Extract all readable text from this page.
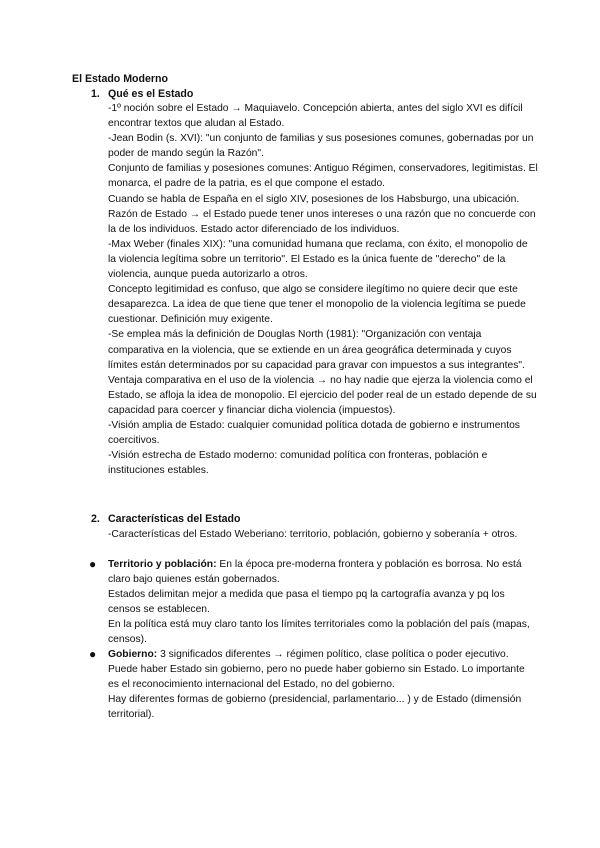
El Estado Moderno
1. Qué es el Estado

-1º noción sobre el Estado → Maquiavelo. Concepción abierta, antes del siglo XVI es difícil encontrar textos que aludan al Estado.

-Jean Bodin (s. XVI): "un conjunto de familias y sus posesiones comunes, gobernadas por un poder de mando según la Razón".

Conjunto de familias y posesiones comunes: Antiguo Régimen, conservadores, legitimistas. El monarca, el padre de la patria, es el que compone el estado.

Cuando se habla de España en el siglo XIV, posesiones de los Habsburgo, una ubicación.

Razón de Estado → el Estado puede tener unos intereses o una razón que no concuerde con la de los individuos. Estado actor diferenciado de los individuos.

-Max Weber (finales XIX): "una comunidad humana que reclama, con éxito, el monopolio de la violencia legítima sobre un territorio". El Estado es la única fuente de "derecho" de la violencia, aunque pueda autorizarlo a otros.

Concepto legitimidad es confuso, que algo se considere ilegítimo no quiere decir que este desaparezca. La idea de que tiene que tener el monopolio de la violencia legítima se puede cuestionar. Definición muy exigente.

-Se emplea más la definición de Douglas North (1981): "Organización con ventaja comparativa en la violencia, que se extiende en un área geográfica determinada y cuyos límites están determinados por su capacidad para gravar con impuestos a sus integrantes". Ventaja comparativa en el uso de la violencia → no hay nadie que ejerza la violencia como el Estado, se afloja la idea de monopolio. El ejercicio del poder real de un estado depende de su capacidad para coercer y financiar dicha violencia (impuestos).

-Visión amplia de Estado: cualquier comunidad política dotada de gobierno e instrumentos coercitivos.

-Visión estrecha de Estado moderno: comunidad política con fronteras, población e instituciones estables.

2. Características del Estado

-Características del Estado Weberiano: territorio, población, gobierno y soberanía + otros.

● Territorio y población: En la época pre-moderna frontera y población es borrosa. No está claro bajo quienes están gobernados.

Estados delimitan mejor a medida que pasa el tiempo pq la cartografía avanza y pq los censos se establecen.

En la política está muy claro tanto los límites territoriales como la población del país (mapas, censos).

● Gobierno: 3 significados diferentes → régimen político, clase política o poder ejecutivo. Puede haber Estado sin gobierno, pero no puede haber gobierno sin Estado. Lo importante es el reconocimiento internacional del Estado, no del gobierno.

Hay diferentes formas de gobierno (presidencial, parlamentario... ) y de Estado (dimensión territorial).
